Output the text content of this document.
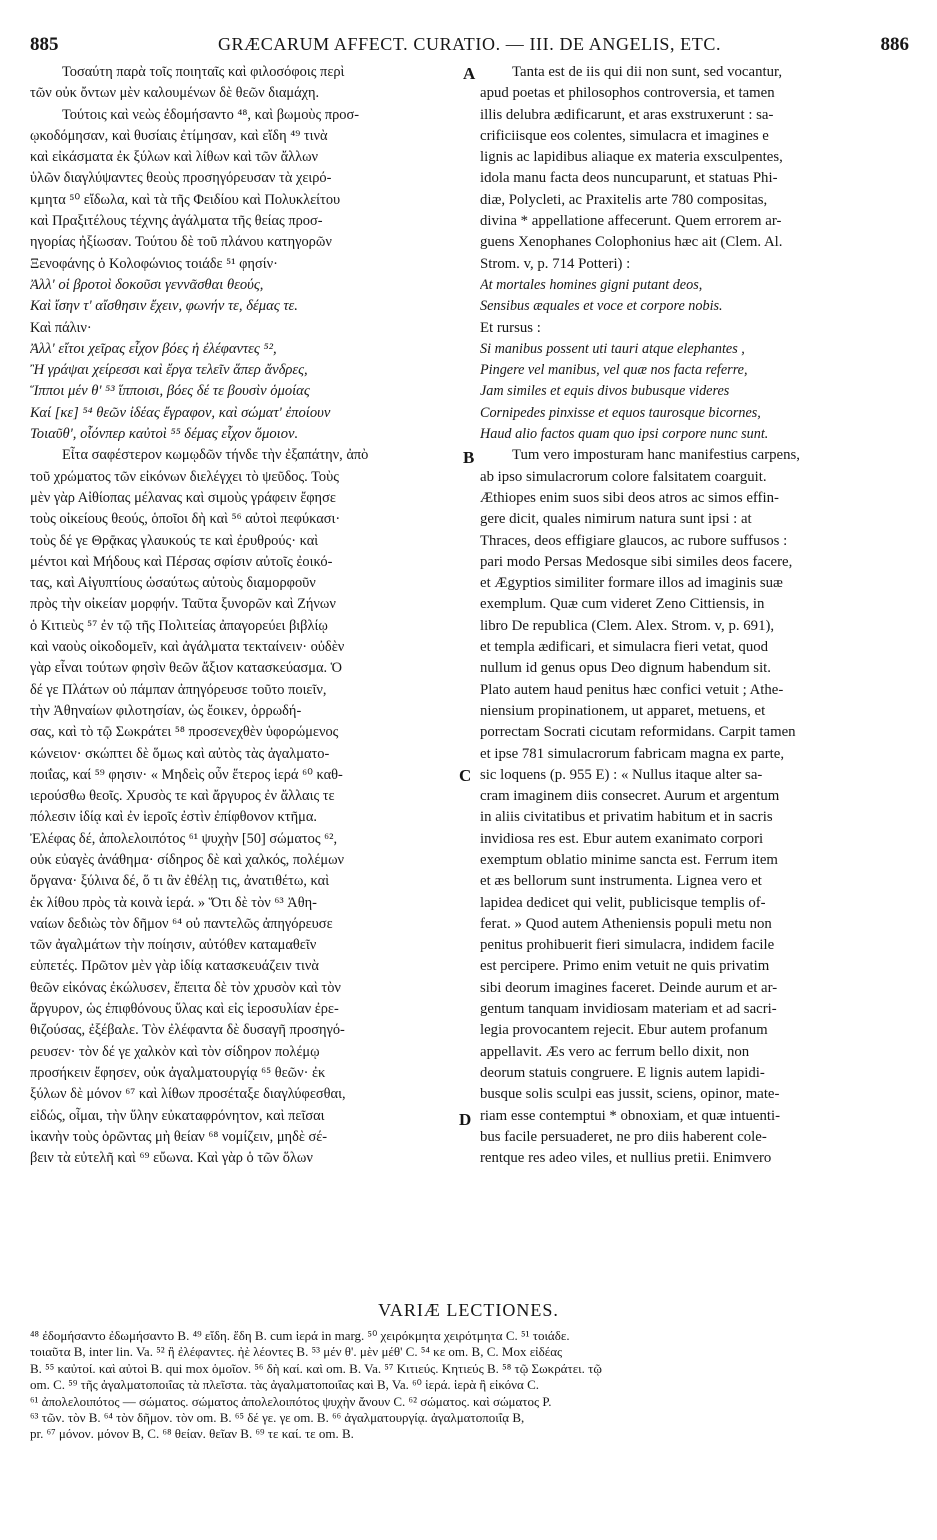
885	GRÆCARUM AFFECT. CURATIO. — III. DE ANGELIS, ETC.	886
Τοσαύτη παρὰ τοῖς ποιηταῖς καὶ φιλοσόφοις περὶ
τῶν οὐκ ὄντων μὲν καλουμένων δὲ θεῶν διαμάχη.
Τούτοις καὶ νεὼς ἐδομήσαντο ⁴⁸, καὶ βωμοὺς προσ-
ῳκοδόμησαν, καὶ θυσίαις ἐτίμησαν, καὶ εἴδη ⁴⁹ τινὰ
καὶ εἰκάσματα ἐκ ξύλων καὶ λίθων καὶ τῶν ἄλλων
ὑλῶν διαγλύψαντες θεοὺς προσηγόρευσαν τὰ χειρό-
κμητα ⁵⁰ εἴδωλα, καὶ τὰ τῆς Φειδίου καὶ Πολυκλείτου
καὶ Πραξιτέλους τέχνης ἀγάλματα τῆς θείας προσ-
ηγορίας ἠξίωσαν. Τούτου δὲ τοῦ πλάνου κατηγορῶν
Ξενοφάνης ὁ Κολοφώνιος τοιάδε ⁵¹ φησίν·
Ἀλλ' οἱ βροτοὶ δοκοῦσι γεννᾶσθαι θεούς,
Καὶ ἴσην τ' αἴσθησιν ἔχειν, φωνήν τε, δέμας τε.
Καὶ πάλιν·
Ἀλλ' εἴτοι χεῖρας εἶχον βόες ἠ ἐλέφαντες ⁵²,
Ἢ γράψαι χείρεσσι καὶ ἔργα τελεῖν ἅπερ ἄνδρες,
Ἵπποι μέν θ' ⁵³ ἵπποισι, βόες δέ τε βουσὶν ὁμοίας
Καί [κε] ⁵⁴ θεῶν ἰδέας ἔγραφον, καὶ σώματ' ἐποίουν
Τοιαῦθ', οἷόνπερ καὐτοὶ ⁵⁵ δέμας εἶχον ὅμοιον.
Εἶτα σαφέστερον κωμῳδῶν τήνδε τὴν ἐξαπάτην, ἀπὸ
τοῦ χρώματος τῶν εἰκόνων διελέγχει τὸ ψεῦδος. Τοὺς
μὲν γὰρ Αἰθίοπας μέλανας καὶ σιμοὺς γράφειν ἔφησε
τοὺς οἰκείους θεούς, ὁποῖοι δὴ καὶ ⁵⁶ αὐτοὶ πεφύκασι·
τοὺς δέ γε Θρᾷκας γλαυκούς τε καὶ ἐρυθρούς· καὶ
μέντοι καὶ Μήδους καὶ Πέρσας σφίσιν αὐτοῖς ἐοικό-
τας, καὶ Αἰγυπτίους ὡσαύτως αὐτοὺς διαμορφοῦν
πρὸς τὴν οἰκείαν μορφήν. Ταῦτα ξυνορῶν καὶ Ζήνων
ὁ Κιτιεὺς ⁵⁷ ἐν τῷ τῆς Πολιτείας ἀπαγορεύει βιβλίῳ
καὶ ναοὺς οἰκοδομεῖν, καὶ ἀγάλματα τεκταίνειν· οὐδὲν
γὰρ εἶναι τούτων φησὶν θεῶν ἄξιον κατασκεύασμα. Ὁ
δέ γε Πλάτων οὐ πάμπαν ἀπηγόρευσε τοῦτο ποιεῖν,
τὴν Ἀθηναίων φιλοτησίαν, ὡς ἔοικεν, ὀρρωδή-
σας, καὶ τὸ τῷ Σωκράτει ⁵⁸ προσενεχθὲν ὑφορώμενος
κώνειον· σκώπτει δὲ ὅμως καὶ αὐτὸς τὰς ἀγαλματο-
ποιΐας, καί ⁵⁹ φησιν· « Μηδεὶς οὖν ἕτερος ἱερά ⁶⁰ καθ-
ιερούσθω θεοῖς. Χρυσὸς τε καὶ ἄργυρος ἐν ἄλλαις τε
πόλεσιν ἰδίᾳ καὶ ἐν ἱεροῖς ἐστὶν ἐπίφθονον κτῆμα.
Ἐλέφας δέ, ἀπολελοιπότος ⁶¹ ψυχὴν [50] σώματος ⁶²,
οὐκ εὐαγὲς ἀνάθημα· σίδηρος δὲ καὶ χαλκός, πολέμων
ὄργανα· ξύλινα δέ, ὅ τι ἂν ἐθέλῃ τις, ἀνατιθέτω, καὶ
ἐκ λίθου πρὸς τὰ κοινὰ ἱερά. » Ὅτι δὲ τὸν ⁶³ Ἀθη-
ναίων δεδιὼς τὸν δῆμον ⁶⁴ οὐ παντελῶς ἀπηγόρευσε
τῶν ἀγαλμάτων τὴν ποίησιν, αὐτόθεν καταμαθεῖν
εὐπετές. Πρῶτον μὲν γὰρ ἰδίᾳ κατασκευάζειν τινὰ
θεῶν εἰκόνας ἐκώλυσεν, ἔπειτα δὲ τὸν χρυσὸν καὶ τὸν
ἄργυρον, ὡς ἐπιφθόνους ὕλας καὶ εἰς ἱεροσυλίαν ἐρε-
θιζούσας, ἐξέβαλε. Τὸν ἐλέφαντα δὲ δυσαγῆ προσηγό-
ρευσεν· τὸν δέ γε χαλκὸν καὶ τὸν σίδηρον πολέμῳ
προσήκειν ἔφησεν, οὐκ ἀγαλματουργίᾳ ⁶⁵ θεῶν· ἐκ
ξύλων δὲ μόνον ⁶⁷ καὶ λίθων προσέταξε διαγλύφεσθαι,
εἰδώς, οἶμαι, τὴν ὕλην εὐκαταφρόνητον, καὶ πεῖσαι
ἱκανὴν τοὺς ὁρῶντας μὴ θείαν ⁶⁸ νομίζειν, μηδὲ σέ-
βειν τὰ εὐτελῆ καὶ ⁶⁹ εὔωνα. Καὶ γὰρ ὁ τῶν ὅλων
Tanta est de iis qui dii non sunt, sed vocantur,
apud poetas et philosophos controversia, et tamen
illis delubra ædificarunt, et aras exstruxerunt : sa-
crificiisque eos colentes, simulacra et imagines e
lignis ac lapidibus aliaque ex materia exsculpentes,
idola manu facta deos nuncuparunt, et statuas Phi-
diæ, Polycleti, ac Praxitelis arte 780 compositas,
divina * appellatione affecerunt. Quem errorem ar-
guens Xenophanes Colophonius hæc ait (Clem. Al.
Strom. v, p. 714 Potteri) :
At mortales homines gigni putant deos,
Sensibus æquales et voce et corpore nobis.
Et rursus :
Si manibus possent uti tauri atque elephantes ,
Pingere vel manibus, vel quæ nos facta referre,
Jam similes et equis divos bubusque videres
Cornipedes pinxisse et equos taurosque bicornes,
Haud alio factos quam quo ipsi corpore nunc sunt.
Tum vero imposturam hanc manifestius carpens,
ab ipso simulacrorum colore falsitatem coarguit.
Æthiopes enim suos sibi deos atros ac simos effin-
gere dicit, quales nimirum natura sunt ipsi : at
Thraces, deos effigiare glaucos, ac rubore suffusos :
pari modo Persas Medosque sibi similes deos facere,
et Ægyptios similiter formare illos ad imaginis suæ
exemplum. Quæ cum videret Zeno Cittiensis, in
libro De republica (Clem. Alex. Strom. v, p. 691),
et templa ædificari, et simulacra fieri vetat, quod
nullum id genus opus Deo dignum habendum sit.
Plato autem haud penitus hæc confici vetuit ; Athe-
niensium propinationem, ut apparet, metuens, et
porrectam Socrati cicutam reformidans. Carpit tamen
et ipse 781 simulacrorum fabricam magna ex parte,
sic loquens (p. 955 E) : « Nullus itaque alter sa-
cram imaginem diis consecret. Aurum et argentum
in aliis civitatibus et privatim habitum et in sacris
invidiosa res est. Ebur autem exanimato corpori
exemptum oblatio minime sancta est. Ferrum item
et æs bellorum sunt instrumenta. Lignea vero et
lapidea dedicet qui velit, publicisque templis of-
ferat. » Quod autem Atheniensis populi metu non
penitus prohibuerit fieri simulacra, indidem facile
est percipere. Primo enim vetuit ne quis privatim
sibi deorum imagines faceret. Deinde aurum et ar-
gentum tanquam invidiosam materiam et ad sacri-
legia provocantem rejecit. Ebur autem profanum
appellavit. Æs vero ac ferrum bello dixit, non
deorum statuis congruere. E lignis autem lapidi-
busque solis sculpi eas jussit, sciens, opinor, mate-
riam esse contemptui * obnoxiam, et quæ intuenti-
bus facile persuaderet, ne pro diis haberent cole-
rentque res adeo viles, et nullius pretii. Enimvero
A
B
C
D
VARIÆ LECTIONES.
⁴⁸ ἐδομήσαντο ἐδωμήσαντο B. ⁴⁹ εἴδη. ἕδη B. cum ἱερά in marg. ⁵⁰ χειρόκμητα χειρότμητα C. ⁵¹ τοιάδε.
τοιαῦτα B, inter lin. Va. ⁵² ἢ ἐλέφαντες. ἠὲ λέοντες B. ⁵³ μέν θ'. μὲν μέθ' C. ⁵⁴ κε om. B, C. Mox εἰδέας
B. ⁵⁵ καὐτοί. καὶ αὐτοὶ B. qui mox ὁμοῖον. ⁵⁶ δὴ καί. καὶ om. B. Va. ⁵⁷ Κιτιεύς. Κητιεύς B. ⁵⁸ τῷ Σωκράτει. τῷ
om. C. ⁵⁹ τῆς ἀγαλματοποιΐας τὰ πλεῖστα. τὰς ἀγαλματοποιΐας καὶ B, Va. ⁶⁰ ἱερά. ἱερὰ ἢ εἰκόνα C.
⁶¹ ἀπολελοιπότος — σώματος. σώματος ἀπολελοιπότος ψυχὴν ἄνουν C. ⁶² σώματος. καὶ σώματος P.
⁶³ τῶν. τὸν B. ⁶⁴ τὸν δῆμον. τὸν om. B. ⁶⁵ δέ γε. γε om. B. ⁶⁶ ἀγαλματουργίᾳ. ἀγαλματοποιΐᾳ B,
pr. ⁶⁷ μόνον. μόνον B, C. ⁶⁸ θείαν. θεῖαν B. ⁶⁹ τε καί. τε om. B.
